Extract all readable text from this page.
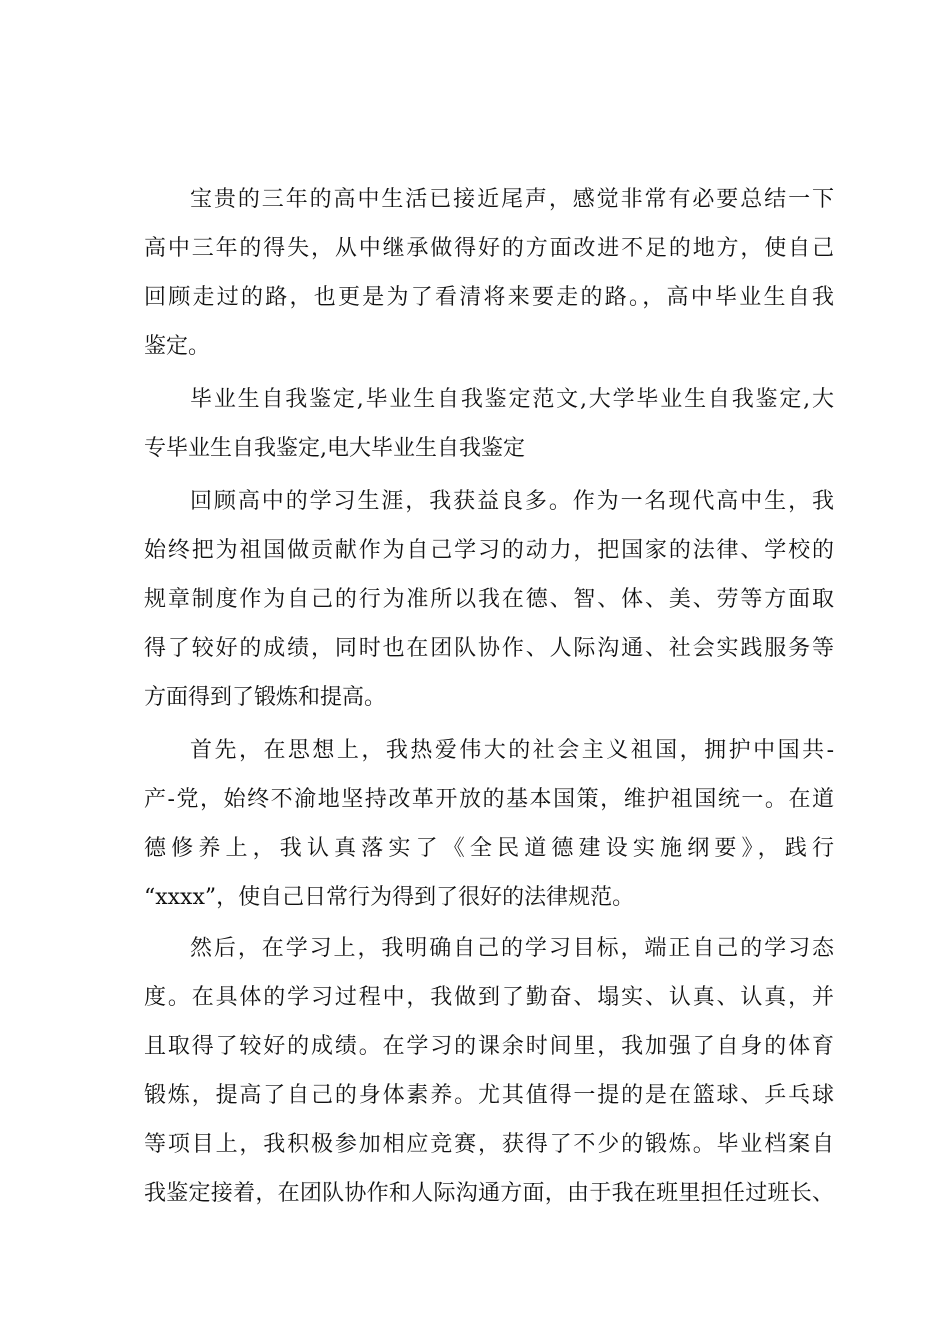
宝贵的三年的高中生活已接近尾声，感觉非常有必要总结一下
高中三年的得失，从中继承做得好的方面改进不足的地方，使自己
回顾走过的路，也更是为了看清将来要走的路。，高中毕业生自我
鉴定。
毕业生自我鉴定,毕业生自我鉴定范文,大学毕业生自我鉴定,大
专毕业生自我鉴定,电大毕业生自我鉴定
回顾高中的学习生涯，我获益良多。作为一名现代高中生，我
始终把为祖国做贡献作为自己学习的动力，把国家的法律、学校的
规章制度作为自己的行为准所以我在德、智、体、美、劳等方面取
得了较好的成绩，同时也在团队协作、人际沟通、社会实践服务等
方面得到了锻炼和提高。
首先，在思想上，我热爱伟大的社会主义祖国，拥护中国共-
产-党，始终不渝地坚持改革开放的基本国策，维护祖国统一。在道
德修养上，我认真落实了《全民道德建设实施纲要》，践行
“xxxx”，使自己日常行为得到了很好的法律规范。
然后，在学习上，我明确自己的学习目标，端正自己的学习态
度。在具体的学习过程中，我做到了勤奋、塌实、认真、认真，并
且取得了较好的成绩。在学习的课余时间里，我加强了自身的体育
锻炼，提高了自己的身体素养。尤其值得一提的是在篮球、乒乓球
等项目上，我积极参加相应竞赛，获得了不少的锻炼。毕业档案自
我鉴定接着，在团队协作和人际沟通方面，由于我在班里担任过班长、
